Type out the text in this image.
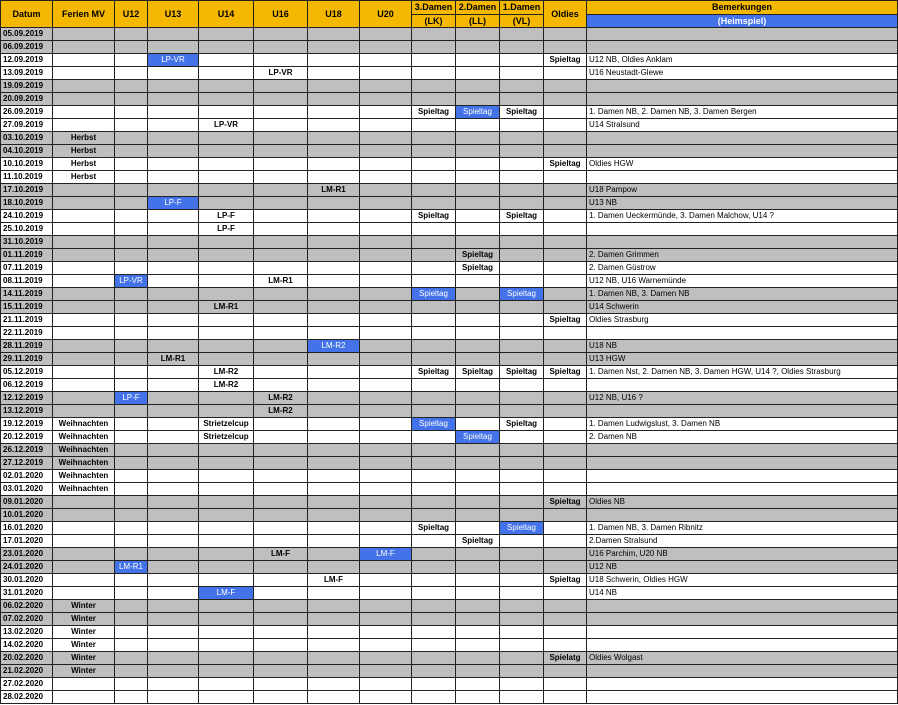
Datum	Ferien MV	U12	U13	U14	U16	U18	U20	3.Damen	2.Damen	1.Damen	Oldies	Bemerkungen
								(LK)	(LL)	(VL)		(Heimspiel)
05.09.2019												
06.09.2019												
12.09.2019			LP-VR								Spieltag	U12 NB, Oldies Anklam
13.09.2019					LP-VR							U16 Neustadt-Glewe
19.09.2019												
20.09.2019												
26.09.2019								Spieltag	Spieltag	Spieltag		1. Damen NB, 2. Damen NB, 3. Damen Bergen
27.09.2019				LP-VR								U14 Stralsund
03.10.2019	Herbst											
04.10.2019	Herbst											
10.10.2019	Herbst										Spieltag	Oldies HGW
11.10.2019	Herbst											
17.10.2019						LM-R1						U18 Pampow
18.10.2019			LP-F									U13 NB
24.10.2019				LP-F				Spieltag		Spieltag		1. Damen Ueckermünde, 3. Damen Malchow, U14 ?
25.10.2019				LP-F								
31.10.2019												
01.11.2019									Spieltag			2. Damen Grimmen
07.11.2019									Spieltag			2. Damen Güstrow
08.11.2019		LP-VR			LM-R1							U12 NB, U16 Warnemünde
14.11.2019								Spieltag		Spieltag		1. Damen NB, 3. Damen NB
15.11.2019				LM-R1								U14 Schwerin
21.11.2019											Spieltag	Oldies Strasburg
22.11.2019												
28.11.2019						LM-R2						U18 NB
29.11.2019			LM-R1									U13 HGW
05.12.2019				LM-R2				Spieltag	Spieltag	Spieltag	Spieltag	1. Damen Nst, 2. Damen NB, 3. Damen HGW, U14 ?, Oldies Strasburg
06.12.2019				LM-R2								
12.12.2019		LP-F			LM-R2							U12 NB, U16 ?
13.12.2019					LM-R2							
19.12.2019	Weihnachten			Strietzelcup				Spieltag		Spieltag		1. Damen Ludwigslust, 3. Damen NB
20.12.2019	Weihnachten			Strietzelcup					Spieltag			2. Damen NB
26.12.2019	Weihnachten											
27.12.2019	Weihnachten											
02.01.2020	Weihnachten											
03.01.2020	Weihnachten											
09.01.2020											Spieltag	Oldies NB
10.01.2020												
16.01.2020								Spieltag		Spieltag		1. Damen NB, 3. Damen Ribnitz
17.01.2020									Spieltag			2.Damen Stralsund
23.01.2020					LM-F		LM-F					U16 Parchim, U20 NB
24.01.2020		LM-R1										U12 NB
30.01.2020						LM-F					Spieltag	U18 Schwerin, Oldies HGW
31.01.2020				LM-F								U14 NB
06.02.2020	Winter											
07.02.2020	Winter											
13.02.2020	Winter											
14.02.2020	Winter											
20.02.2020	Winter										Spielatg	Oldies Wolgast
21.02.2020	Winter											
27.02.2020												
28.02.2020												
